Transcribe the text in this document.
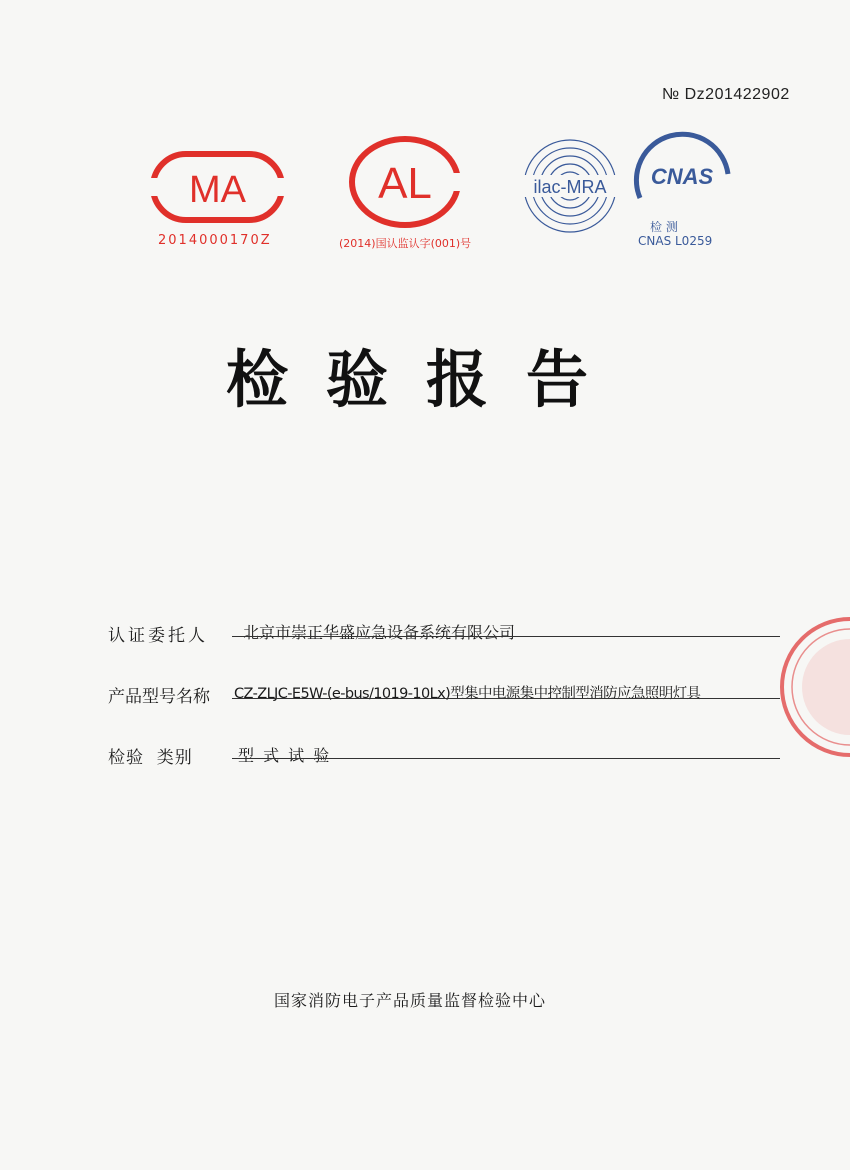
№ Dz201422902
MA
2014000170Z
AL
(2014)国认监认字(001)号
ilac-MRA CNAS
检 测
CNAS L0259
检验报告
认证委托人 北京市崇正华盛应急设备系统有限公司
产品型号名称 CZ-ZLJC-E5W-(e-bus/1019-10Lx)型集中电源集中控制型消防应急照明灯具
检验  类别	型 式 试 验
国家消防电子产品质量监督检验中心
